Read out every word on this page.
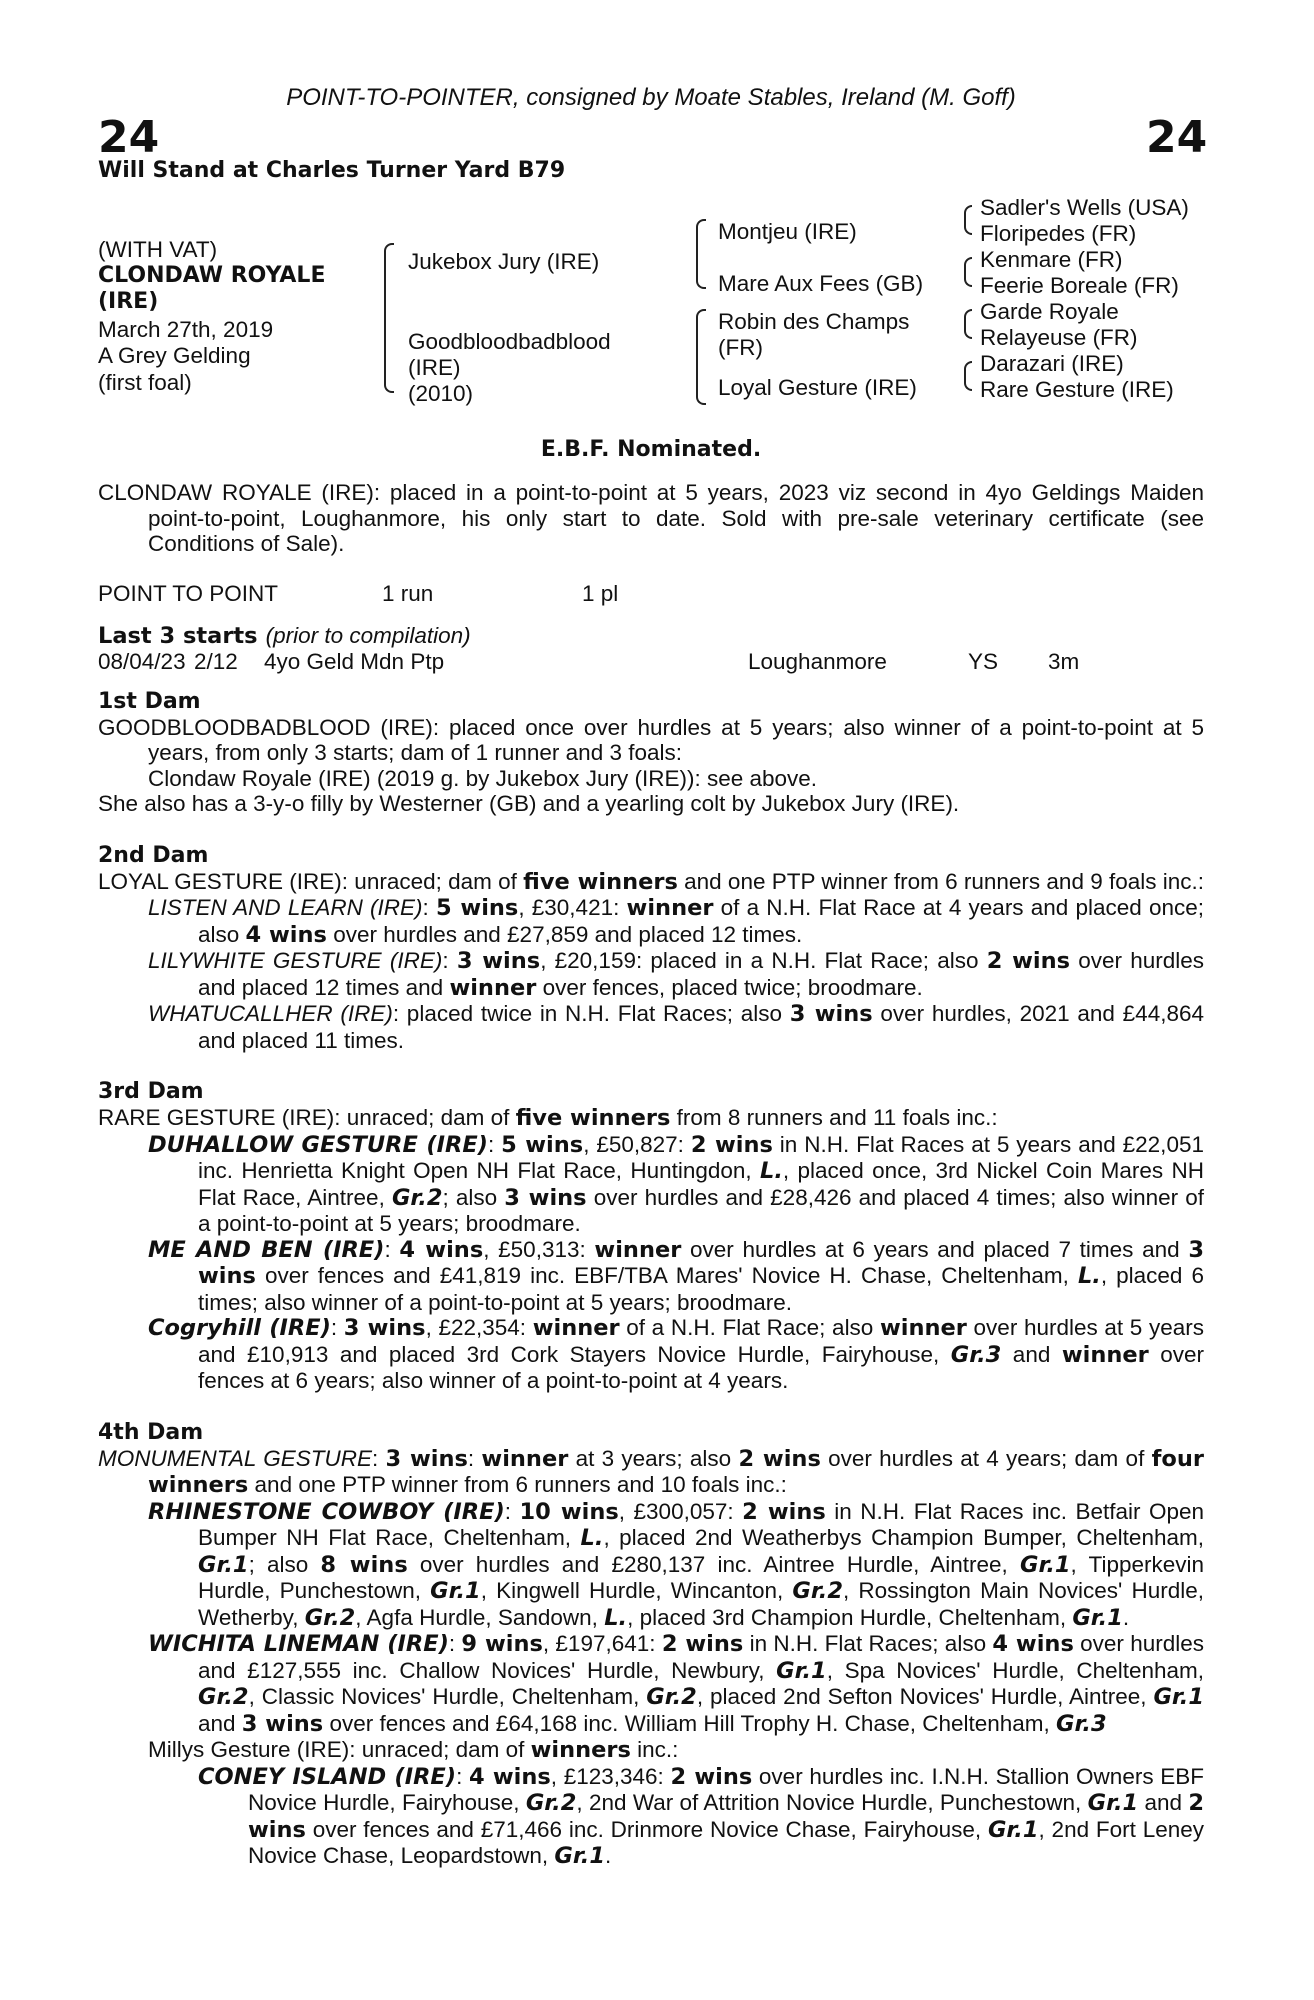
24	24
POINT-TO-POINTER, consigned by Moate Stables, Ireland (M. Goff)
Will Stand at Charles Turner Yard B79
(WITH VAT)
CLONDAW ROYALE
(IRE)
March 27th, 2019
A Grey Gelding
(first foal)
Jukebox Jury (IRE)
Goodbloodbadblood
(IRE)
(2010)
Montjeu (IRE)
Mare Aux Fees (GB)
Robin des Champs
(FR)
Loyal Gesture (IRE)
Sadler's Wells (USA)
Floripedes (FR)
Kenmare (FR)
Feerie Boreale (FR)
Garde Royale
Relayeuse (FR)
Darazari (IRE)
Rare Gesture (IRE)
E.B.F. Nominated.

CLONDAW ROYALE (IRE): placed in a point-to-point at 5 years, 2023 viz second in 4yo Geldings Maiden point-to-point, Loughanmore, his only start to date. Sold with pre-sale veterinary certificate (see Conditions of Sale).

POINT TO POINT	1 run	1 pl
Last 3 starts (prior to compilation)
08/04/23 2/12	4yo Geld Mdn Ptp	Loughanmore	YS	3m
1st Dam

GOODBLOODBADBLOOD (IRE): placed once over hurdles at 5 years; also winner of a point-to-point at 5 years, from only 3 starts; dam of 1 runner and 3 foals:

Clondaw Royale (IRE) (2019 g. by Jukebox Jury (IRE)): see above.

She also has a 3-y-o filly by Westerner (GB) and a yearling colt by Jukebox Jury (IRE).

2nd Dam

LOYAL GESTURE (IRE): unraced; dam of five winners and one PTP winner from 6 runners and 9 foals inc.:

LISTEN AND LEARN (IRE): 5 wins, £30,421: winner of a N.H. Flat Race at 4 years and placed once; also 4 wins over hurdles and £27,859 and placed 12 times.

LILYWHITE GESTURE (IRE): 3 wins, £20,159: placed in a N.H. Flat Race; also 2 wins over hurdles and placed 12 times and winner over fences, placed twice; broodmare.

WHATUCALLHER (IRE): placed twice in N.H. Flat Races; also 3 wins over hurdles, 2021 and £44,864 and placed 11 times.

3rd Dam

RARE GESTURE (IRE): unraced; dam of five winners from 8 runners and 11 foals inc.:

DUHALLOW GESTURE (IRE): 5 wins, £50,827: 2 wins in N.H. Flat Races at 5 years and £22,051 inc. Henrietta Knight Open NH Flat Race, Huntingdon, L., placed once, 3rd Nickel Coin Mares NH Flat Race, Aintree, Gr.2; also 3 wins over hurdles and £28,426 and placed 4 times; also winner of a point-to-point at 5 years; broodmare.

ME AND BEN (IRE): 4 wins, £50,313: winner over hurdles at 6 years and placed 7 times and 3 wins over fences and £41,819 inc. EBF/TBA Mares' Novice H. Chase, Cheltenham, L., placed 6 times; also winner of a point-to-point at 5 years; broodmare.

Cogryhill (IRE): 3 wins, £22,354: winner of a N.H. Flat Race; also winner over hurdles at 5 years and £10,913 and placed 3rd Cork Stayers Novice Hurdle, Fairyhouse, Gr.3 and winner over fences at 6 years; also winner of a point-to-point at 4 years.

4th Dam

MONUMENTAL GESTURE: 3 wins: winner at 3 years; also 2 wins over hurdles at 4 years; dam of four winners and one PTP winner from 6 runners and 10 foals inc.:

RHINESTONE COWBOY (IRE): 10 wins, £300,057: 2 wins in N.H. Flat Races inc. Betfair Open Bumper NH Flat Race, Cheltenham, L., placed 2nd Weatherbys Champion Bumper, Cheltenham, Gr.1; also 8 wins over hurdles and £280,137 inc. Aintree Hurdle, Aintree, Gr.1, Tipperkevin Hurdle, Punchestown, Gr.1, Kingwell Hurdle, Wincanton, Gr.2, Rossington Main Novices' Hurdle, Wetherby, Gr.2, Agfa Hurdle, Sandown, L., placed 3rd Champion Hurdle, Cheltenham, Gr.1.

WICHITA LINEMAN (IRE): 9 wins, £197,641: 2 wins in N.H. Flat Races; also 4 wins over hurdles and £127,555 inc. Challow Novices' Hurdle, Newbury, Gr.1, Spa Novices' Hurdle, Cheltenham, Gr.2, Classic Novices' Hurdle, Cheltenham, Gr.2, placed 2nd Sefton Novices' Hurdle, Aintree, Gr.1 and 3 wins over fences and £64,168 inc. William Hill Trophy H. Chase, Cheltenham, Gr.3

Millys Gesture (IRE): unraced; dam of winners inc.:

CONEY ISLAND (IRE): 4 wins, £123,346: 2 wins over hurdles inc. I.N.H. Stallion Owners EBF Novice Hurdle, Fairyhouse, Gr.2, 2nd War of Attrition Novice Hurdle, Punchestown, Gr.1 and 2 wins over fences and £71,466 inc. Drinmore Novice Chase, Fairyhouse, Gr.1, 2nd Fort Leney Novice Chase, Leopardstown, Gr.1.
